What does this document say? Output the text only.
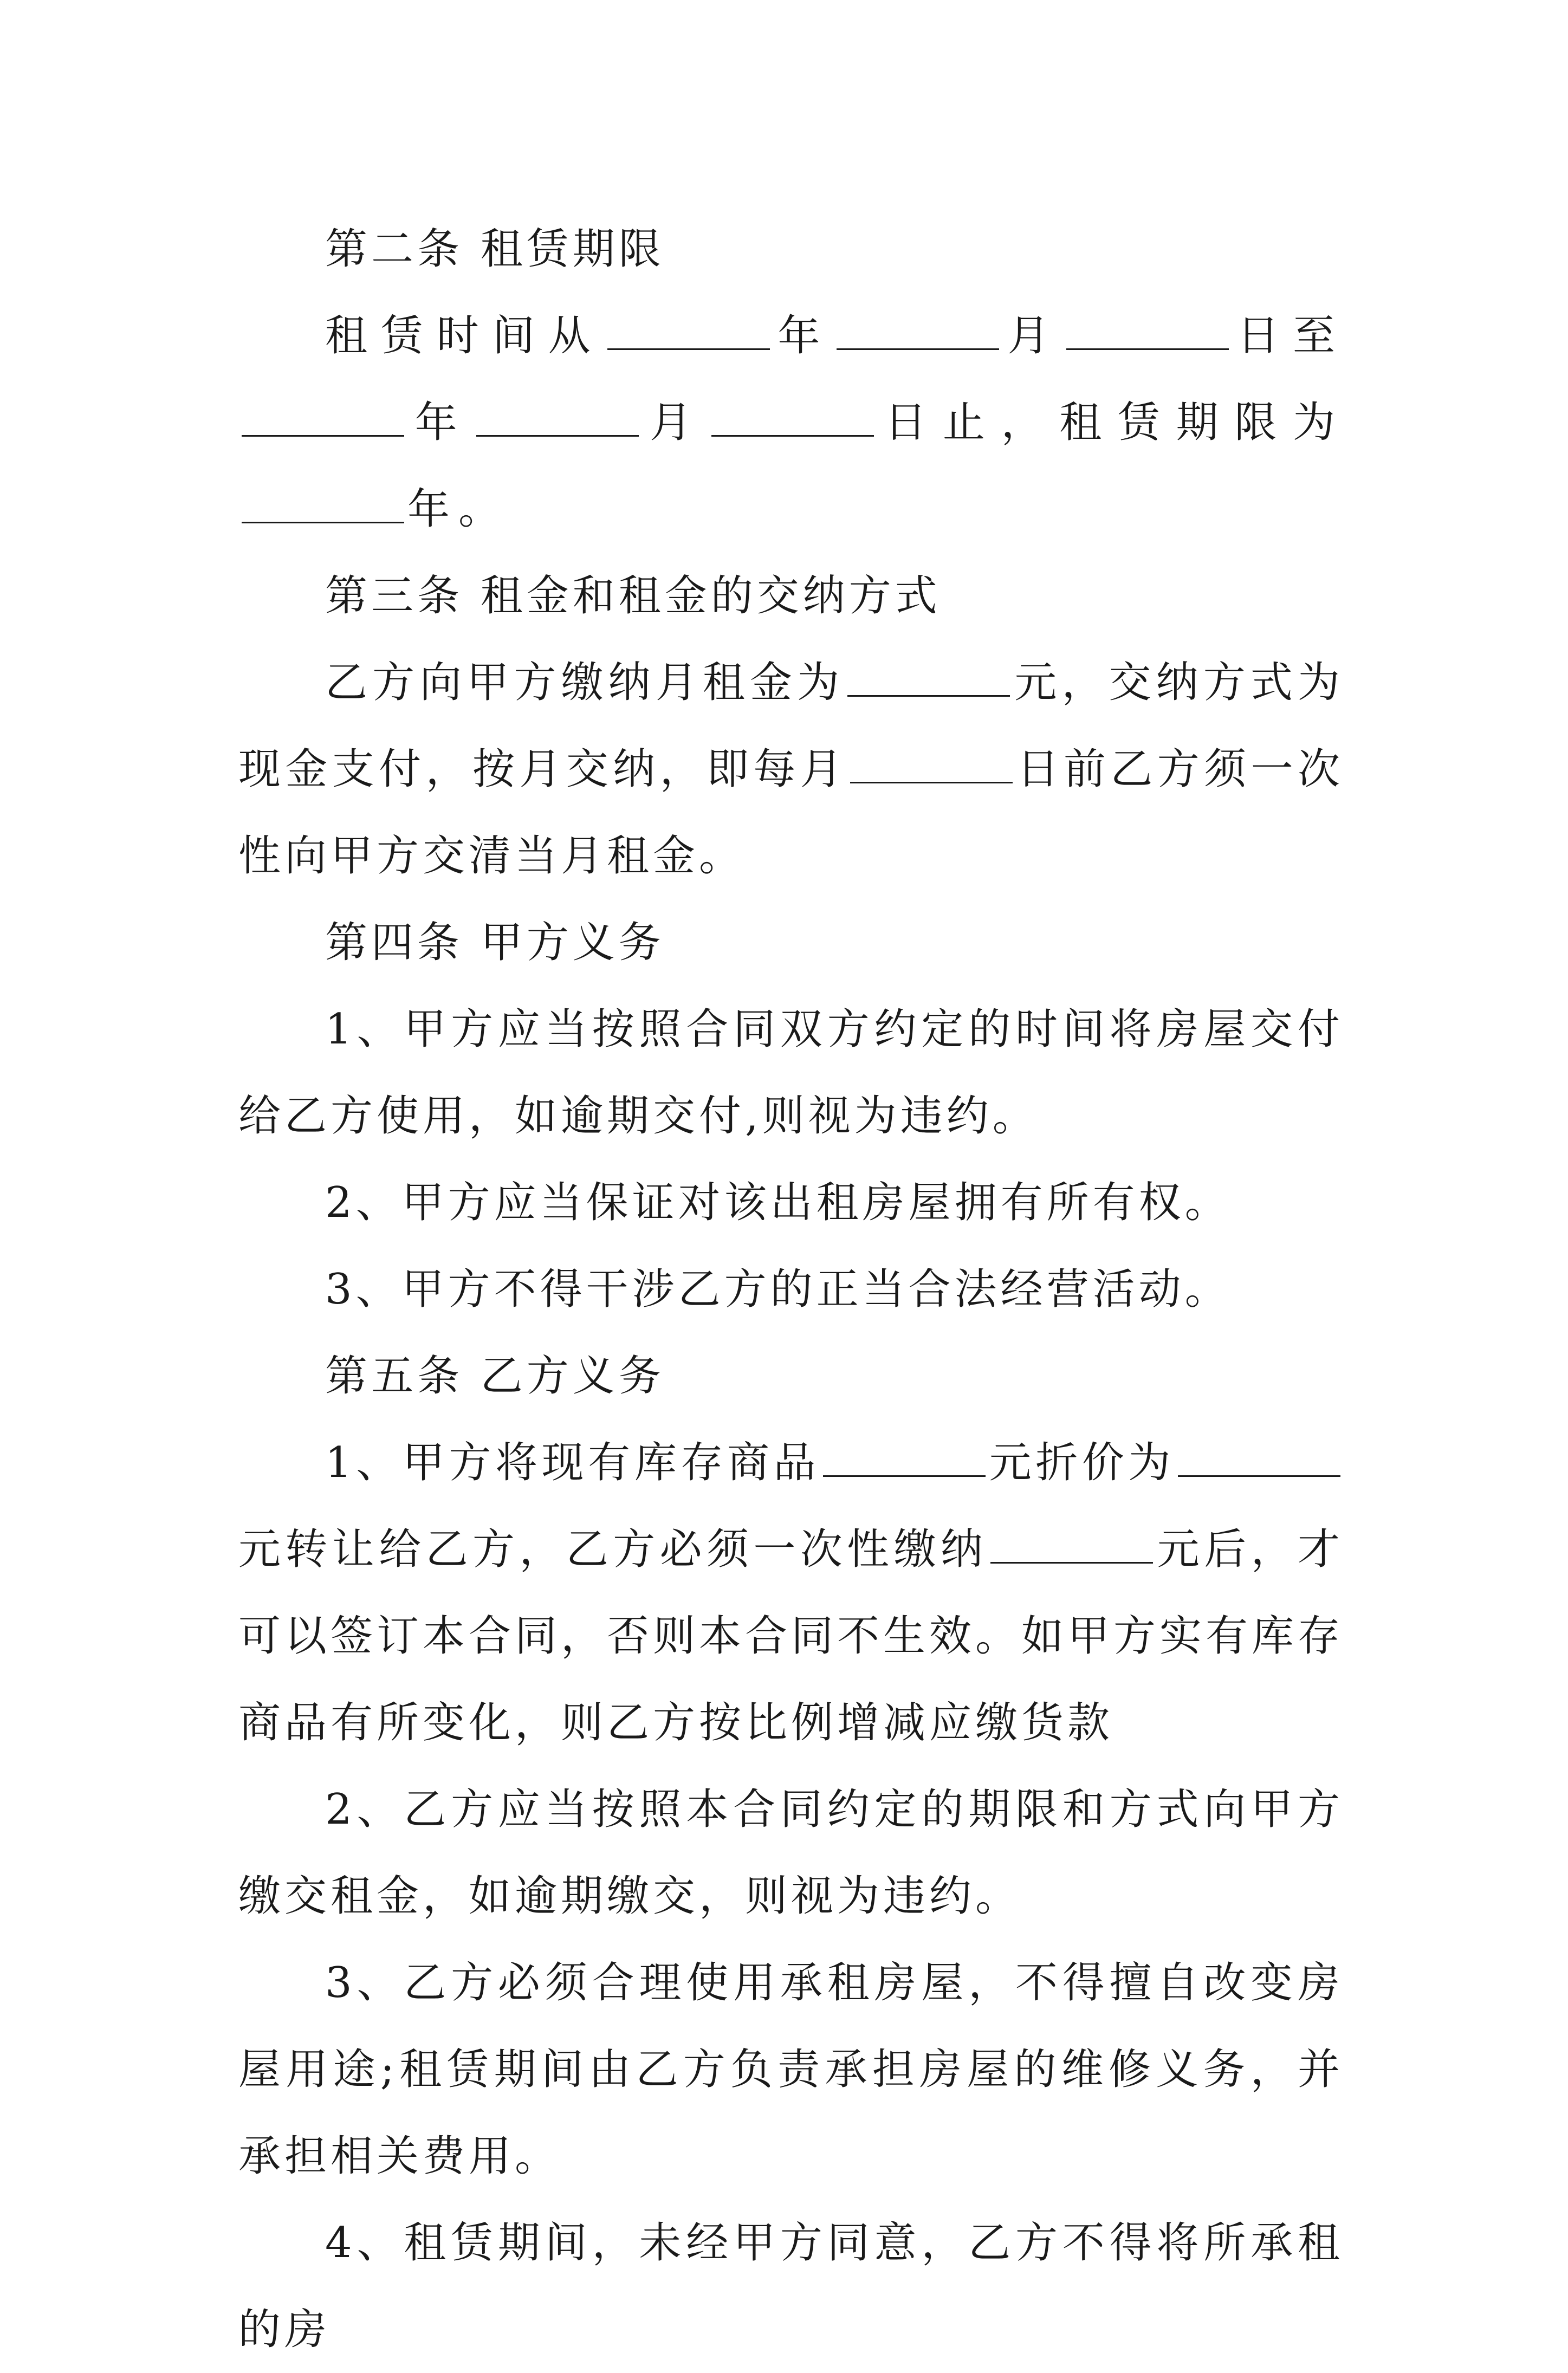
第二条 租赁期限

租赁时间从	年	月	日至年	月	日止，租赁期限为年。

第三条 租金和租金的交纳方式

乙方向甲方缴纳月租金为	元，交纳方式为现金支付，按月交纳，即每月	日前乙方须一次性向甲方交清当月租金。

第四条 甲方义务

1、甲方应当按照合同双方约定的时间将房屋交付给乙方使用，如逾期交付,则视为违约。

2、甲方应当保证对该出租房屋拥有所有权。

3、甲方不得干涉乙方的正当合法经营活动。

第五条 乙方义务

1、甲方将现有库存商品	元折价为元转让给乙方，乙方必须一次性缴纳	元后，才可以签订本合同，否则本合同不生效。如甲方实有库存商品有所变化，则乙方按比例增减应缴货款

2、乙方应当按照本合同约定的期限和方式向甲方缴交租金，如逾期缴交，则视为违约。

3、乙方必须合理使用承租房屋，不得擅自改变房屋用途;租赁期间由乙方负责承担房屋的维修义务，并承担相关费用。

4、租赁期间，未经甲方同意，乙方不得将所承租的房
